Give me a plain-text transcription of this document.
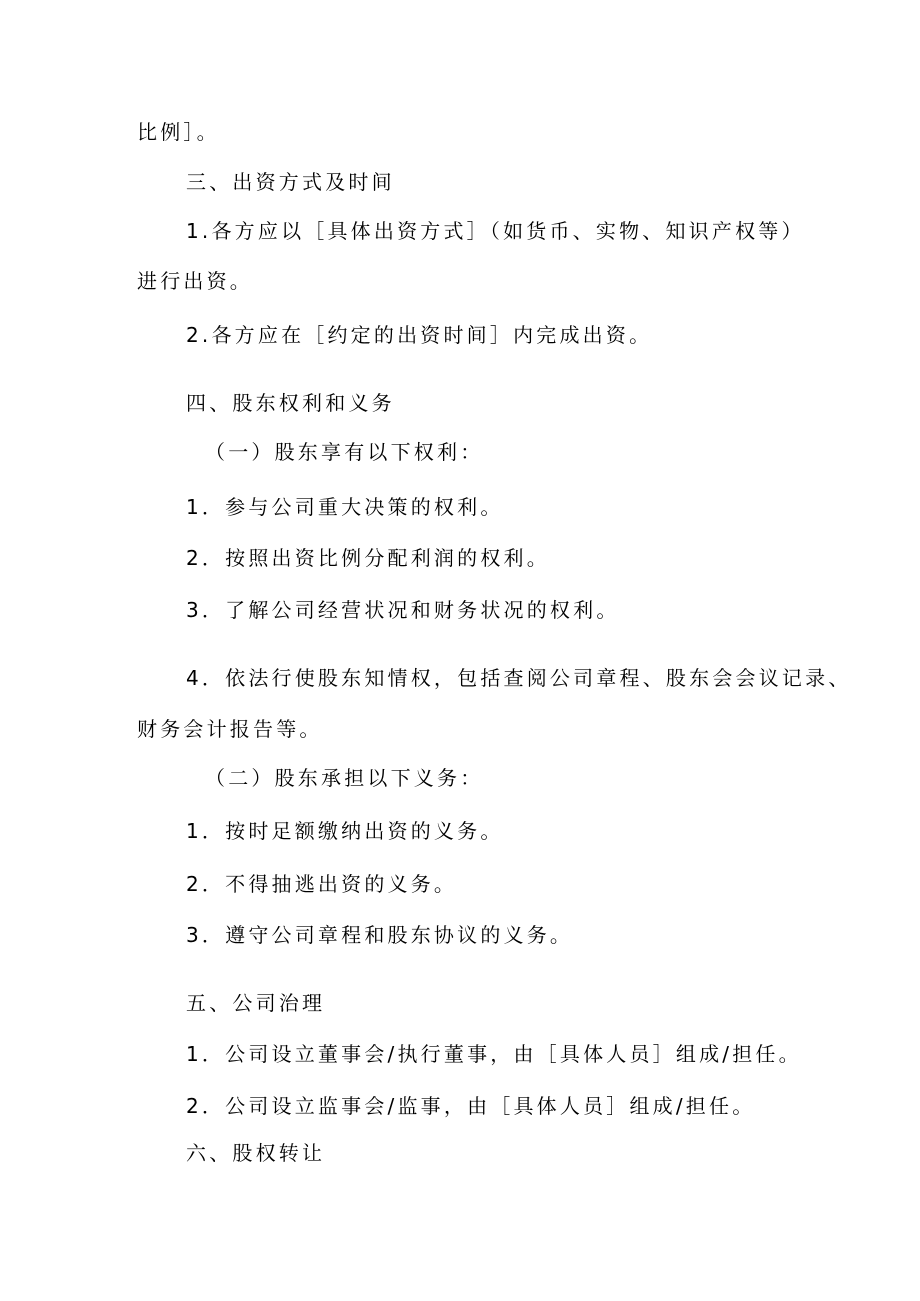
比例］。

三、出资方式及时间

1.各方应以［具体出资方式］（如货币、实物、知识产权等）

进行出资。

2.各方应在［约定的出资时间］内完成出资。

四、股东权利和义务

（一）股东享有以下权利：

1．参与公司重大决策的权利。

2．按照出资比例分配利润的权利。

3．了解公司经营状况和财务状况的权利。

4．依法行使股东知情权，包括查阅公司章程、股东会会议记录、

财务会计报告等。

（二）股东承担以下义务：

1．按时足额缴纳出资的义务。

2．不得抽逃出资的义务。

3．遵守公司章程和股东协议的义务。

五、公司治理

1．公司设立董事会/执行董事，由［具体人员］组成/担任。

2．公司设立监事会/监事，由［具体人员］组成/担任。

六、股权转让
